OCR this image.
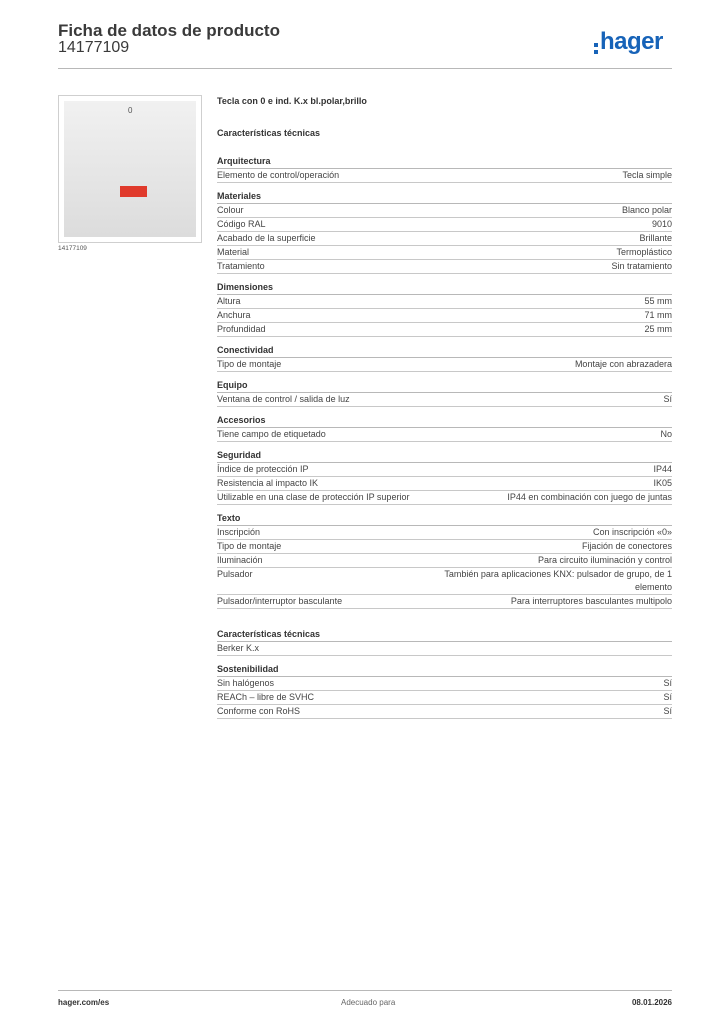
Ficha de datos de producto
14177109	hager
0
14177109
Tecla con 0 e ind. K.x bl.polar,brillo
Características técnicas
Arquitectura
Elemento de control/operación	Tecla simple
Materiales
Colour	Blanco polar
Código RAL	9010
Acabado de la superficie	Brillante
Material	Termoplástico
Tratamiento	Sin tratamiento
Dimensiones
Altura	55 mm
Anchura	71 mm
Profundidad	25 mm
Conectividad
Tipo de montaje	Montaje con abrazadera
Equipo
Ventana de control / salida de luz	Sí
Accesorios
Tiene campo de etiquetado	No
Seguridad
Índice de protección IP	IP44
Resistencia al impacto IK	IK05
Utilizable en una clase de protección IP superior	IP44 en combinación con juego de juntas
Texto
Inscripción	Con inscripción «0»
Tipo de montaje	Fijación de conectores
Iluminación	Para circuito iluminación y control
Pulsador	También para aplicaciones KNX: pulsador de grupo, de 1 elemento
Pulsador/interruptor basculante	Para interruptores basculantes multipolo
Características técnicas
Berker K.x
Sostenibilidad
Sin halógenos	Sí
REACh – libre de SVHC	Sí
Conforme con RoHS	Sí
hager.com/es	Adecuado para	08.01.2026
